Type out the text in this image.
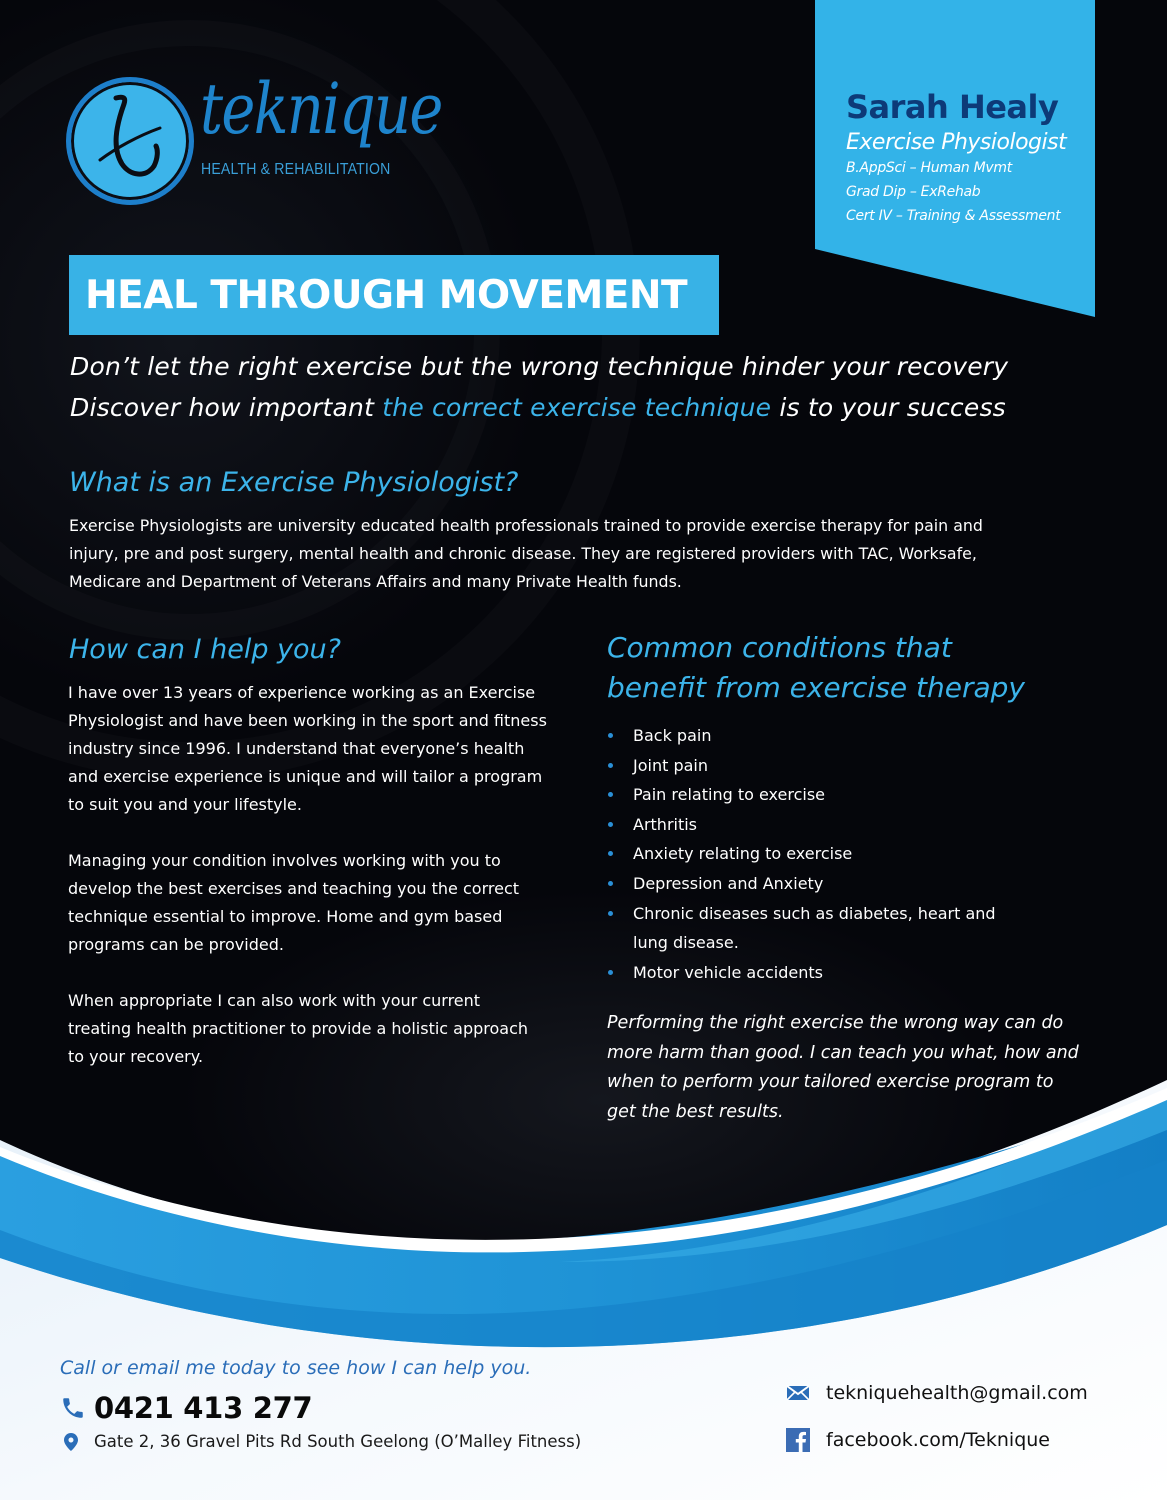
teknique
HEALTH & REHABILITATION
Sarah Healy
Exercise Physiologist
B.AppSci – Human Mvmt
Grad Dip – ExRehab
Cert IV – Training & Assessment
HEAL THROUGH MOVEMENT
Don’t let the right exercise but the wrong technique hinder your recovery
Discover how important the correct exercise technique is to your success
What is an Exercise Physiologist?
Exercise Physiologists are university educated health professionals trained to provide exercise therapy for pain and
injury, pre and post surgery, mental health and chronic disease. They are registered providers with TAC, Worksafe,
Medicare and Department of Veterans Affairs and many Private Health funds.
How can I help you?

I have over 13 years of experience working as an Exercise Physiologist and have been working in the sport and fitness industry since 1996. I understand that everyone’s health and exercise experience is unique and will tailor a program to suit you and your lifestyle.

Managing your condition involves working with you to develop the best exercises and teaching you the correct technique essential to improve. Home and gym based programs can be provided.

When appropriate I can also work with your current treating health practitioner to provide a holistic approach to your recovery.

Common conditions that
benefit from exercise therapy
Back pain
Joint pain
Pain relating to exercise
Arthritis
Anxiety relating to exercise
Depression and Anxiety
Chronic diseases such as diabetes, heart and lung disease.
Motor vehicle accidents
Performing the right exercise the wrong way can do more harm than good. I can teach you what, how and when to perform your tailored exercise program to get the best results.
Call or email me today to see how I can help you.
0421 413 277
Gate 2, 36 Gravel Pits Rd South Geelong (O’Malley Fitness)
tekniquehealth@gmail.com
facebook.com/Teknique
